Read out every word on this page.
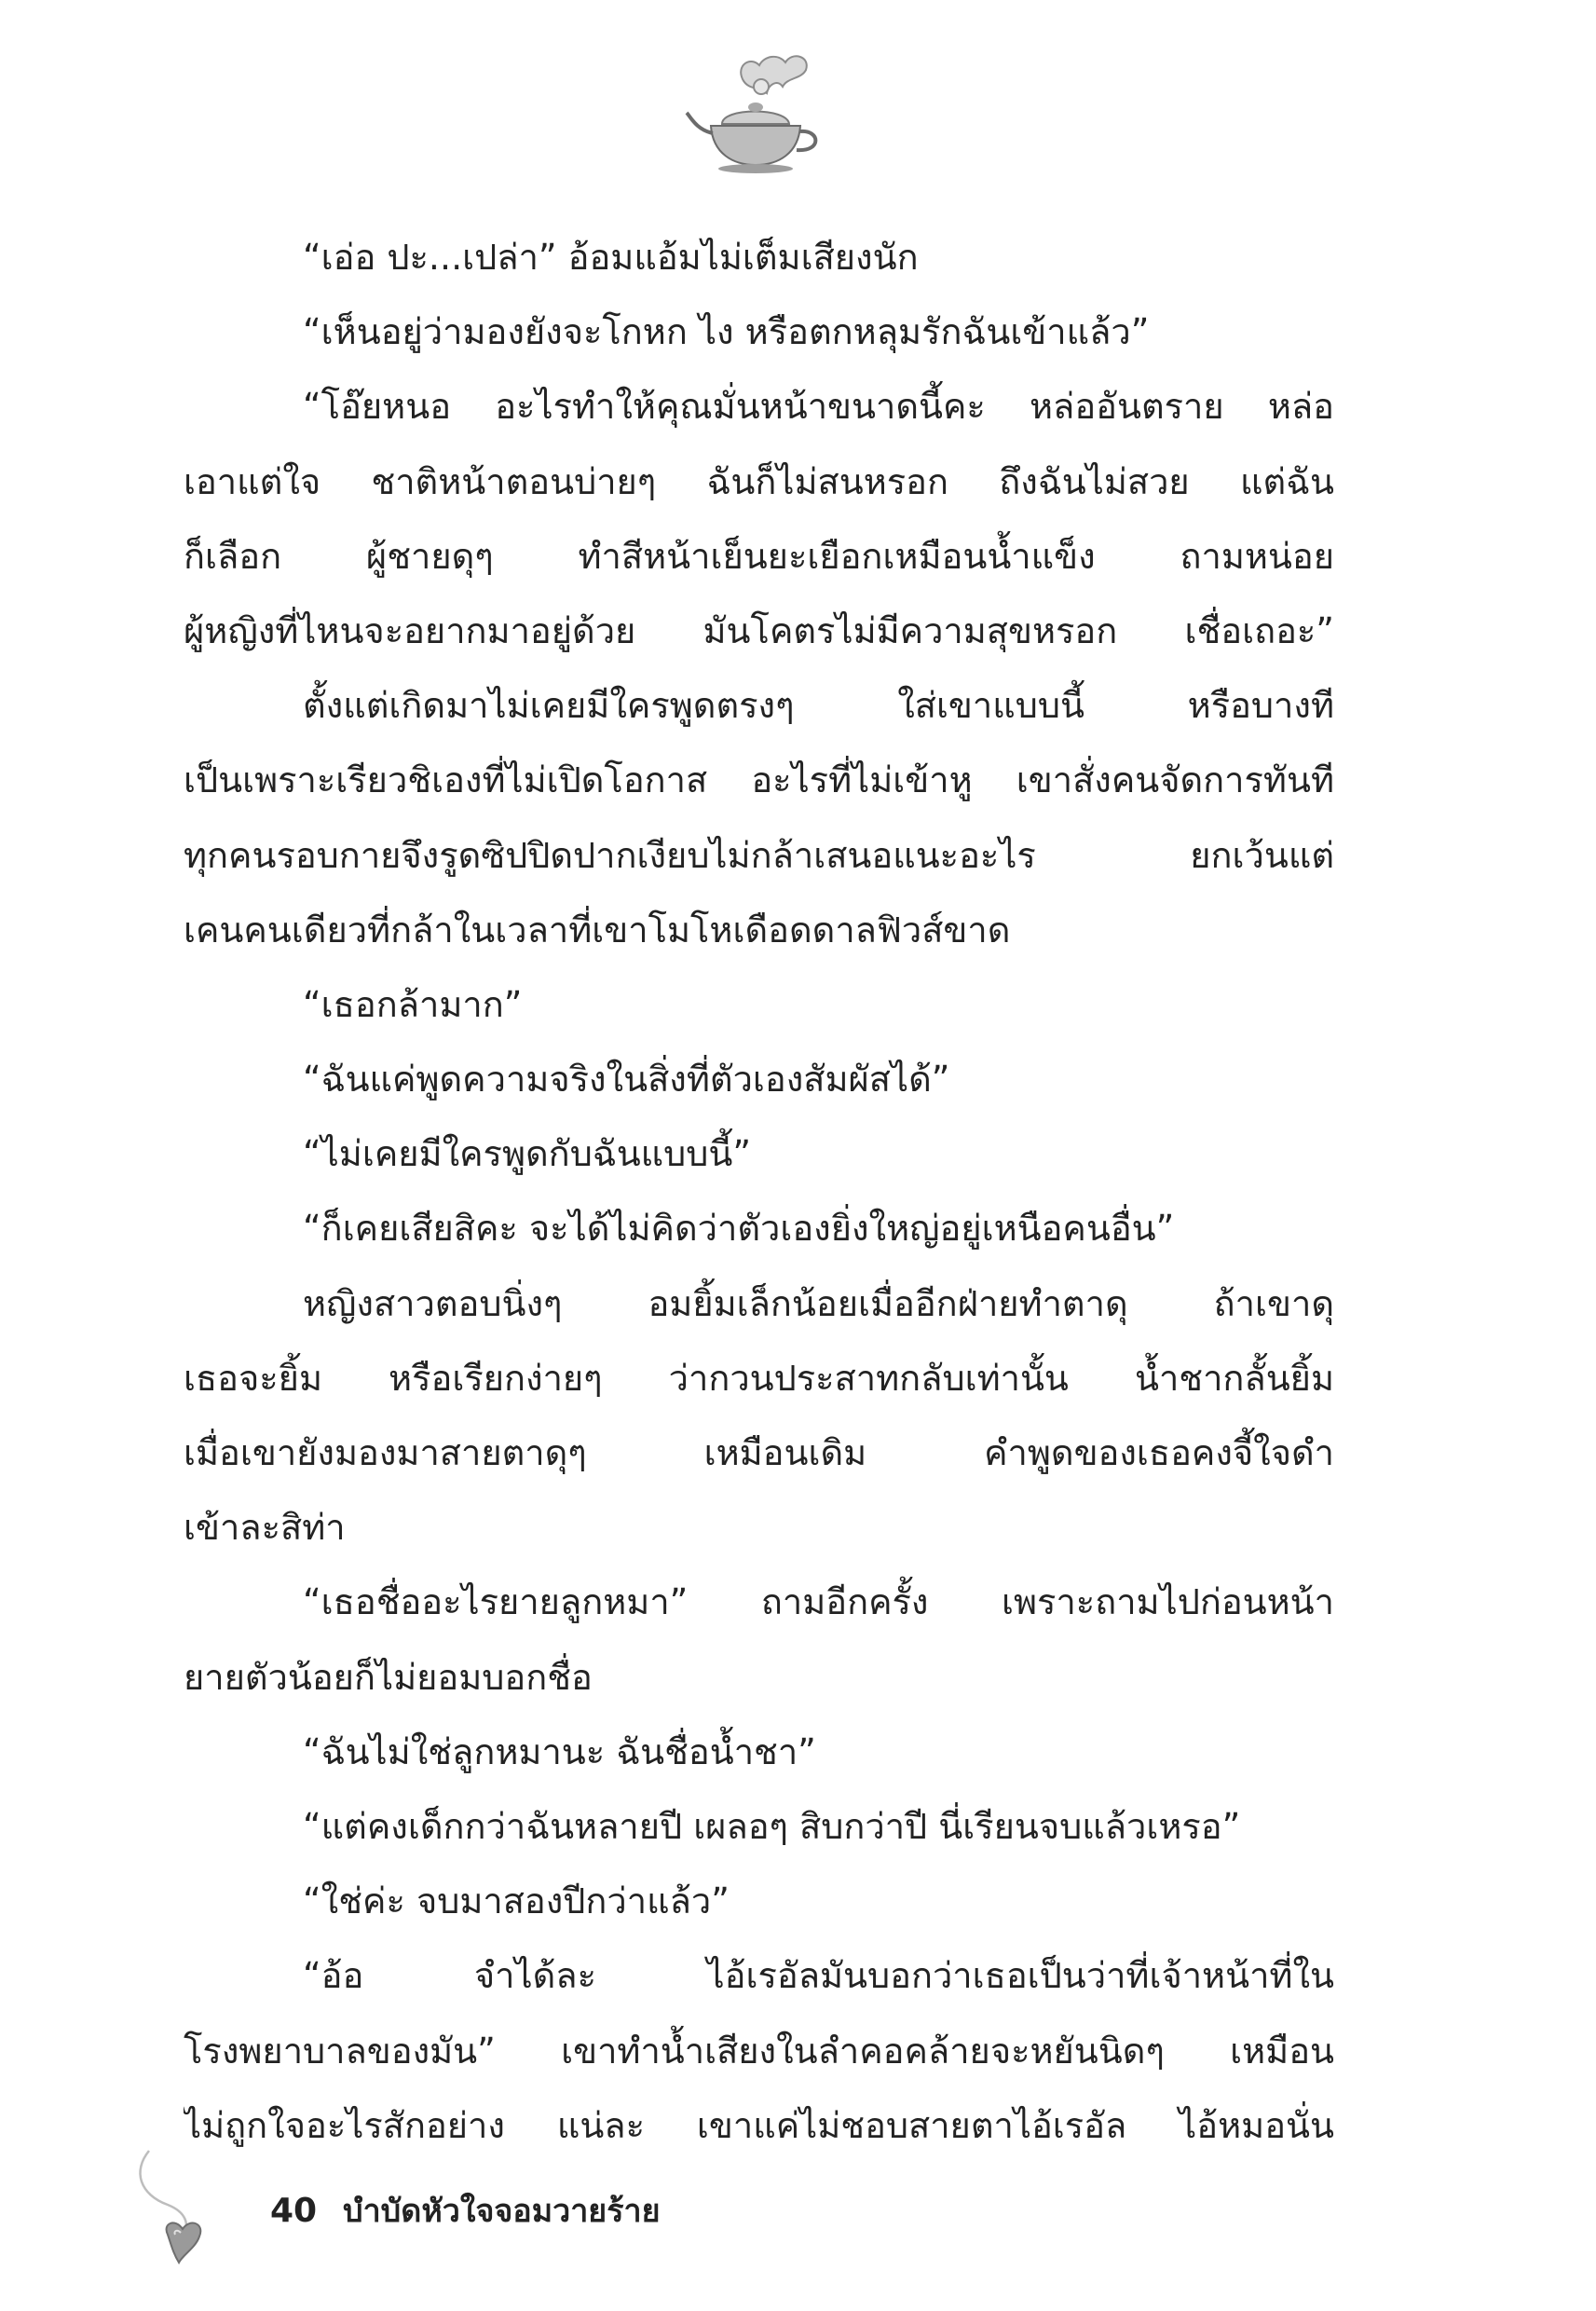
“เอ่อ ปะ...เปล่า” อ้อมแอ้มไม่เต็มเสียงนัก
“เห็นอยู่ว่ามองยังจะโกหก ไง หรือตกหลุมรักฉันเข้าแล้ว”
“โอ๊ยหนอ อะไรทำให้คุณมั่นหน้าขนาดนี้คะ หล่ออันตราย หล่อ
เอาแต่ใจ ชาติหน้าตอนบ่ายๆ ฉันก็ไม่สนหรอก ถึงฉันไม่สวย แต่ฉัน
ก็เลือก ผู้ชายดุๆ ทำสีหน้าเย็นยะเยือกเหมือนน้ำแข็ง ถามหน่อย
ผู้หญิงที่ไหนจะอยากมาอยู่ด้วย มันโคตรไม่มีความสุขหรอก เชื่อเถอะ”
ตั้งแต่เกิดมาไม่เคยมีใครพูดตรงๆ ใส่เขาแบบนี้ หรือบางที
เป็นเพราะเรียวชิเองที่ไม่เปิดโอกาส อะไรที่ไม่เข้าหู เขาสั่งคนจัดการทันที
ทุกคนรอบกายจึงรูดซิปปิดปากเงียบไม่กล้าเสนอแนะอะไร ยกเว้นแต่
เคนคนเดียวที่กล้าในเวลาที่เขาโมโหเดือดดาลฟิวส์ขาด
“เธอกล้ามาก”
“ฉันแค่พูดความจริงในสิ่งที่ตัวเองสัมผัสได้”
“ไม่เคยมีใครพูดกับฉันแบบนี้”
“ก็เคยเสียสิคะ จะได้ไม่คิดว่าตัวเองยิ่งใหญ่อยู่เหนือคนอื่น”
หญิงสาวตอบนิ่งๆ อมยิ้มเล็กน้อยเมื่ออีกฝ่ายทำตาดุ ถ้าเขาดุ
เธอจะยิ้ม หรือเรียกง่ายๆ ว่ากวนประสาทกลับเท่านั้น น้ำชากลั้นยิ้ม
เมื่อเขายังมองมาสายตาดุๆ เหมือนเดิม คำพูดของเธอคงจี้ใจดำ
เข้าละสิท่า
“เธอชื่ออะไรยายลูกหมา” ถามอีกครั้ง เพราะถามไปก่อนหน้า
ยายตัวน้อยก็ไม่ยอมบอกชื่อ
“ฉันไม่ใช่ลูกหมานะ ฉันชื่อน้ำชา”
“แต่คงเด็กกว่าฉันหลายปี เผลอๆ สิบกว่าปี นี่เรียนจบแล้วเหรอ”
“ใช่ค่ะ จบมาสองปีกว่าแล้ว”
“อ้อ จำได้ละ ไอ้เรอัลมันบอกว่าเธอเป็นว่าที่เจ้าหน้าที่ใน
โรงพยาบาลของมัน” เขาทำน้ำเสียงในลำคอคล้ายจะหยันนิดๆ เหมือน
ไม่ถูกใจอะไรสักอย่าง แน่ละ เขาแค่ไม่ชอบสายตาไอ้เรอัล ไอ้หมอนั่น
40 บำบัดหัวใจจอมวายร้าย
